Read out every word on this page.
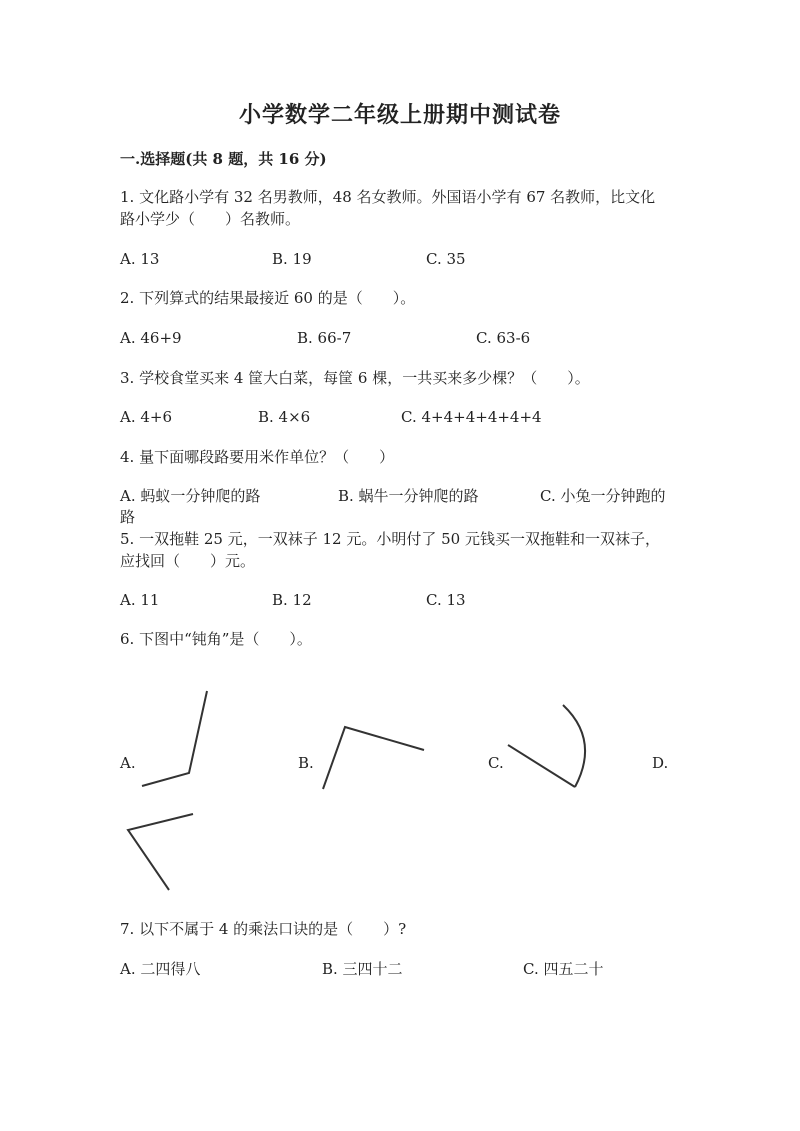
小学数学二年级上册期中测试卷
一.选择题(共 8 题，共 16 分)
1. 文化路小学有 32 名男教师，48 名女教师。外国语小学有 67 名教师，比文化
路小学少（　　）名教师。
A. 13	B. 19	C. 35
2. 下列算式的结果最接近 60 的是（　　）。
A. 46+9	B. 66-7	C. 63-6
3. 学校食堂买来 4 筐大白菜，每筐 6 棵，一共买来多少棵？（　　）。
A. 4+6	B. 4×6	C. 4+4+4+4+4+4
4. 量下面哪段路要用米作单位？（　　）
A. 蚂蚁一分钟爬的路	B. 蜗牛一分钟爬的路	C. 小兔一分钟跑的
路
5. 一双拖鞋 25 元，一双袜子 12 元。小明付了 50 元钱买一双拖鞋和一双袜子，
应找回（　　）元。
A. 11	B. 12	C. 13
6. 下图中“钝角”是（　　）。
A.	B.	C.	D.
7. 以下不属于 4 的乘法口诀的是（　　）?
A. 二四得八	B. 三四十二	C. 四五二十
